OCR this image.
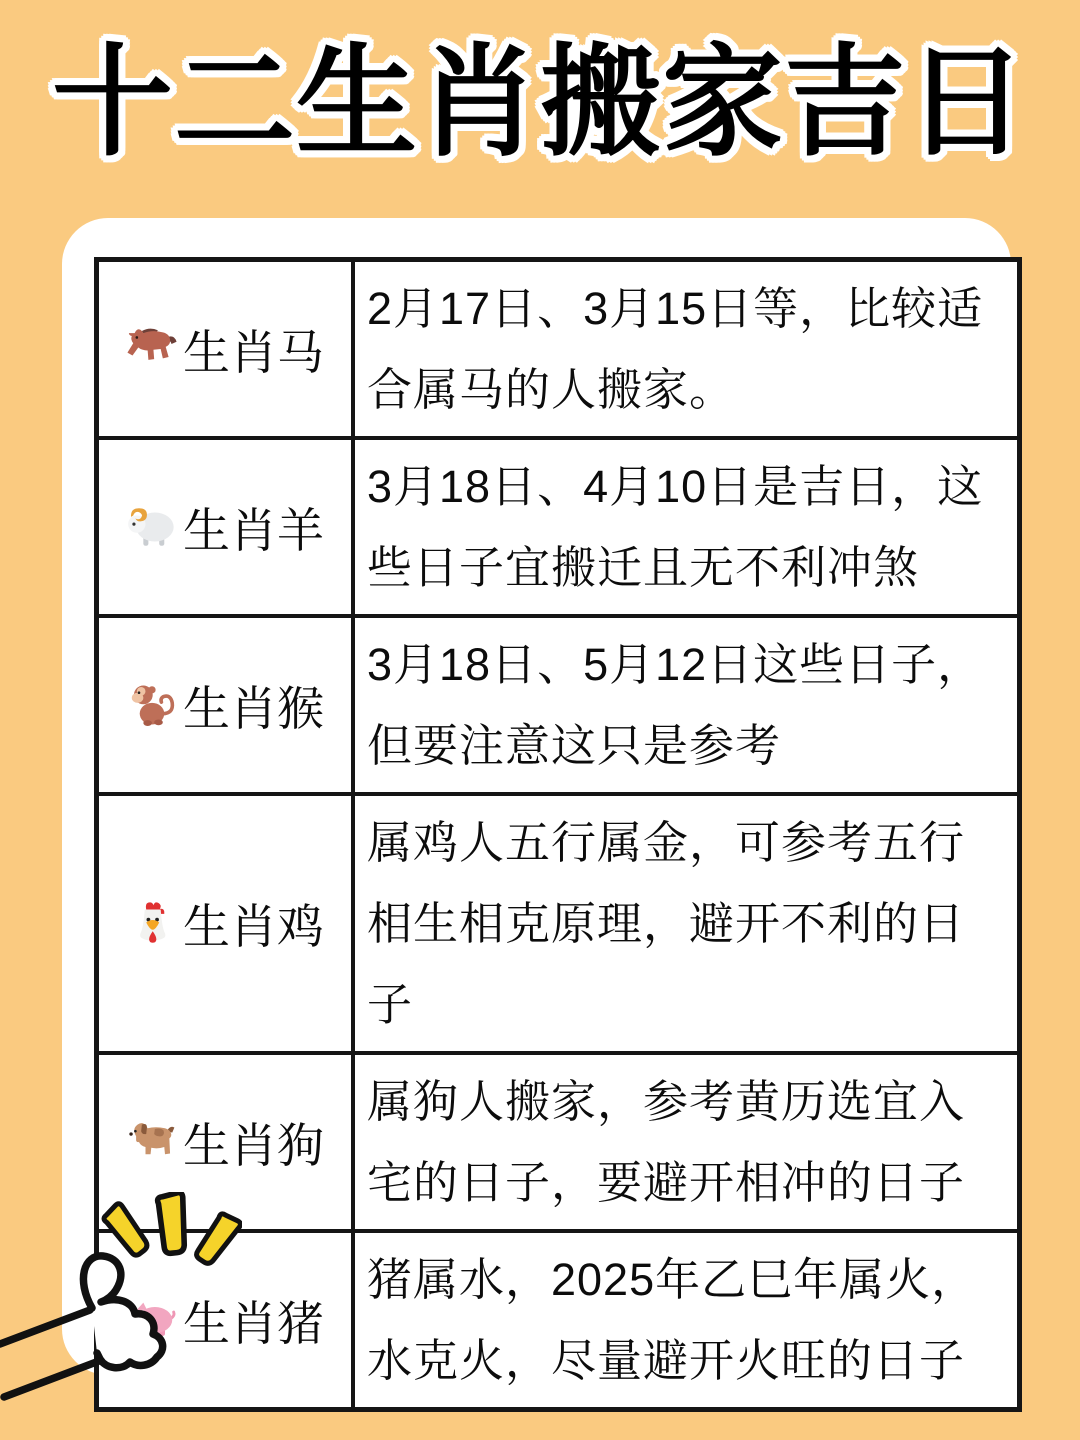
十二生肖搬家吉日
生肖马	2月17日、3月15日等，比较适合属马的人搬家。

生肖羊	3月18日、4月10日是吉日，这些日子宜搬迁且无不利冲煞

生肖猴	3月18日、5月12日这些日子，但要注意这只是参考

生肖鸡	属鸡人五行属金，可参考五行相生相克原理，避开不利的日子

生肖狗	属狗人搬家，参考黄历选宜入宅的日子，要避开相冲的日子

生肖猪	猪属水，2025年乙巳年属火，水克火，尽量避开火旺的日子
